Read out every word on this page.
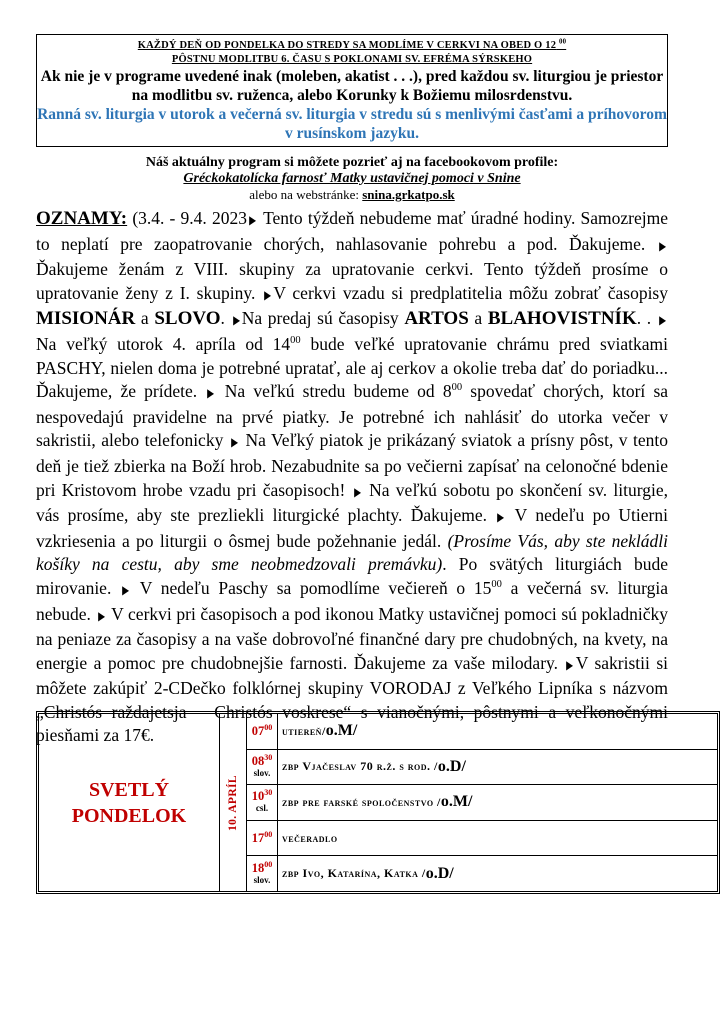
KAŽDÝ DEŇ OD PONDELKA DO STREDY SA MODLÍME V CERKVI NA OBED O 12 $^{00}$
PÔSTNU MODLITBU 6. ČASU S POKLONAMI SV. EFRÉMA SÝRSKEHO
Ak nie je v programe uvedené inak (moleben, akatist . . .), pred každou sv. liturgiou je priestor na modlitbu sv. ruženca, alebo Korunky k Božiemu milosrdenstvu.
Ranná sv. liturgia v utorok a večerná sv. liturgia v stredu sú s menlivými časťami a príhovorom v rusínskom jazyku.
Náš aktuálny program si môžete pozrieť aj na facebookovom profile:
Gréckokatolícka farnosť Matky ustavičnej pomoci v Snine
alebo na webstránke: snina.grkatpo.sk
OZNAMY: (3.4. - 9.4. 2023 ▶ Tento týždeň nebudeme mať úradné hodiny. Samozrejme to neplatí pre zaopatrovanie chorých, nahlasovanie pohrebu a pod. Ďakujeme. ▶ Ďakujeme ženám z VIII. skupiny za upratovanie cerkvi. Tento týždeň prosíme o upratovanie ženy z I. skupiny. ▶ V cerkvi vzadu si predplatitelia môžu zobrať časopisy MISIONÁR a SLOVO. ▶ Na predaj sú časopisy ARTOS a BLAHOVISTNÍK. . ▶ Na veľký utorok 4. apríla od $14^{00}$ bude veľké upratovanie chrámu pred sviatkami PASCHY, nielen doma je potrebné upratať, ale aj cerkov a okolie treba dať do poriadku... Ďakujeme, že prídete. ▶ Na veľkú stredu budeme od $8^{00}$ spovedať chorých, ktorí sa nespovedajú pravidelne na prvé piatky. Je potrebné ich nahlásiť do utorka večer v sakristii, alebo telefonicky ▶ Na Veľký piatok je prikázaný sviatok a prísny pôst, v tento deň je tiež zbierka na Boží hrob. Nezabudnite sa po večierni zapísať na celonočné bdenie pri Kristovom hrobe vzadu pri časopisoch! ▶ Na veľkú sobotu po skončení sv. liturgie, vás prosíme, aby ste prezliekli liturgické plachty. Ďakujeme. ▶ V nedeľu po Utierni vzkriesenia a po liturgii o ôsmej bude požehnanie jedál. (Prosíme Vás, aby ste nekládli košíky na cestu, aby sme neobmedzovali premávku). Po svätých liturgiách bude mirovanie. ▶ V nedeľu Paschy sa pomodlíme večiereň o $15^{00}$ a večerná sv. liturgia nebude. ▶ V cerkvi pri časopisoch a pod ikonou Matky ustavičnej pomoci sú pokladničky na peniaze za časopisy a na vaše dobrovoľné finančné dary pre chudobných, na kvety, na energie a pomoc pre chudobnejšie farnosti. Ďakujeme za vaše milodary. ▶ V sakristii si môžete zakúpiť 2-CDečko folklórnej skupiny VORODAJ z Veľkého Lipníka s názvom „Christós raždajetsja – Christós voskrese“ s vianočnými, pôstnymi a veľkonočnými piesňami za 17€.
SVETLÝ
PONDELOK	10. APRÍL
$07^{00}$ utiereň/ o.M/
$08^{30}$
slov. zbp Vjačeslav 70 r.ž. s rod. / o.D/
$10^{30}$
csl. zbp pre farské spoločenstvo / o.M/
$17^{00}$ večeradlo
$18^{00}$
slov. zbp Ivo, Katarína, Katka / o.D/
